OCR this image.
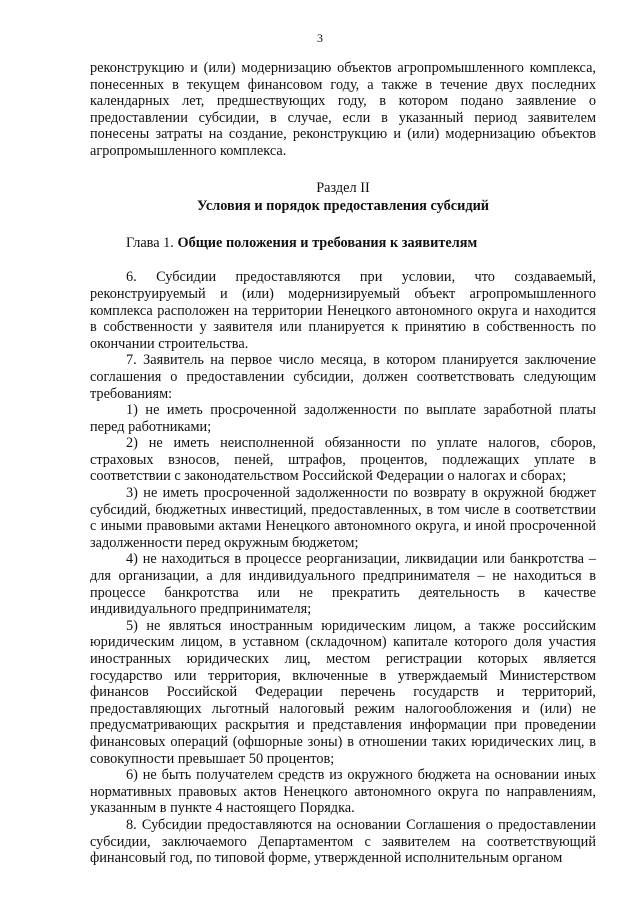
3

реконструкцию и (или) модернизацию объектов агропромышленного комплекса, понесенных в текущем финансовом году, а также в течение двух последних календарных лет, предшествующих году, в котором подано заявление о предоставлении субсидии, в случае, если в указанный период заявителем понесены затраты на создание, реконструкцию и (или) модернизацию объектов агропромышленного комплекса.

Раздел II
Условия и порядок предоставления субсидий
Глава 1. Общие положения и требования к заявителям

6. Субсидии предоставляются при условии, что создаваемый, реконструируемый и (или) модернизируемый объект агропромышленного комплекса расположен на территории Ненецкого автономного округа и находится в собственности у заявителя или планируется к принятию в собственность по окончании строительства.

7. Заявитель на первое число месяца, в котором планируется заключение соглашения о предоставлении субсидии, должен соответствовать следующим требованиям:

1) не иметь просроченной задолженности по выплате заработной платы перед работниками;

2) не иметь неисполненной обязанности по уплате налогов, сборов, страховых взносов, пеней, штрафов, процентов, подлежащих уплате в соответствии с законодательством Российской Федерации о налогах и сборах;

3) не иметь просроченной задолженности по возврату в окружной бюджет субсидий, бюджетных инвестиций, предоставленных, в том числе в соответствии с иными правовыми актами Ненецкого автономного округа, и иной просроченной задолженности перед окружным бюджетом;

4) не находиться в процессе реорганизации, ликвидации или банкротства – для организации, а для индивидуального предпринимателя – не находиться в процессе банкротства или не прекратить деятельность в качестве индивидуального предпринимателя;

5) не являться иностранным юридическим лицом, а также российским юридическим лицом, в уставном (складочном) капитале которого доля участия иностранных юридических лиц, местом регистрации которых является государство или территория, включенные в утверждаемый Министерством финансов Российской Федерации перечень государств и территорий, предоставляющих льготный налоговый режим налогообложения и (или) не предусматривающих раскрытия и представления информации при проведении финансовых операций (офшорные зоны) в отношении таких юридических лиц, в совокупности превышает 50 процентов;

6) не быть получателем средств из окружного бюджета на основании иных нормативных правовых актов Ненецкого автономного округа по направлениям, указанным в пункте 4 настоящего Порядка.

8. Субсидии предоставляются на основании Соглашения о предоставлении субсидии, заключаемого Департаментом с заявителем на соответствующий финансовый год, по типовой форме, утвержденной исполнительным органом
